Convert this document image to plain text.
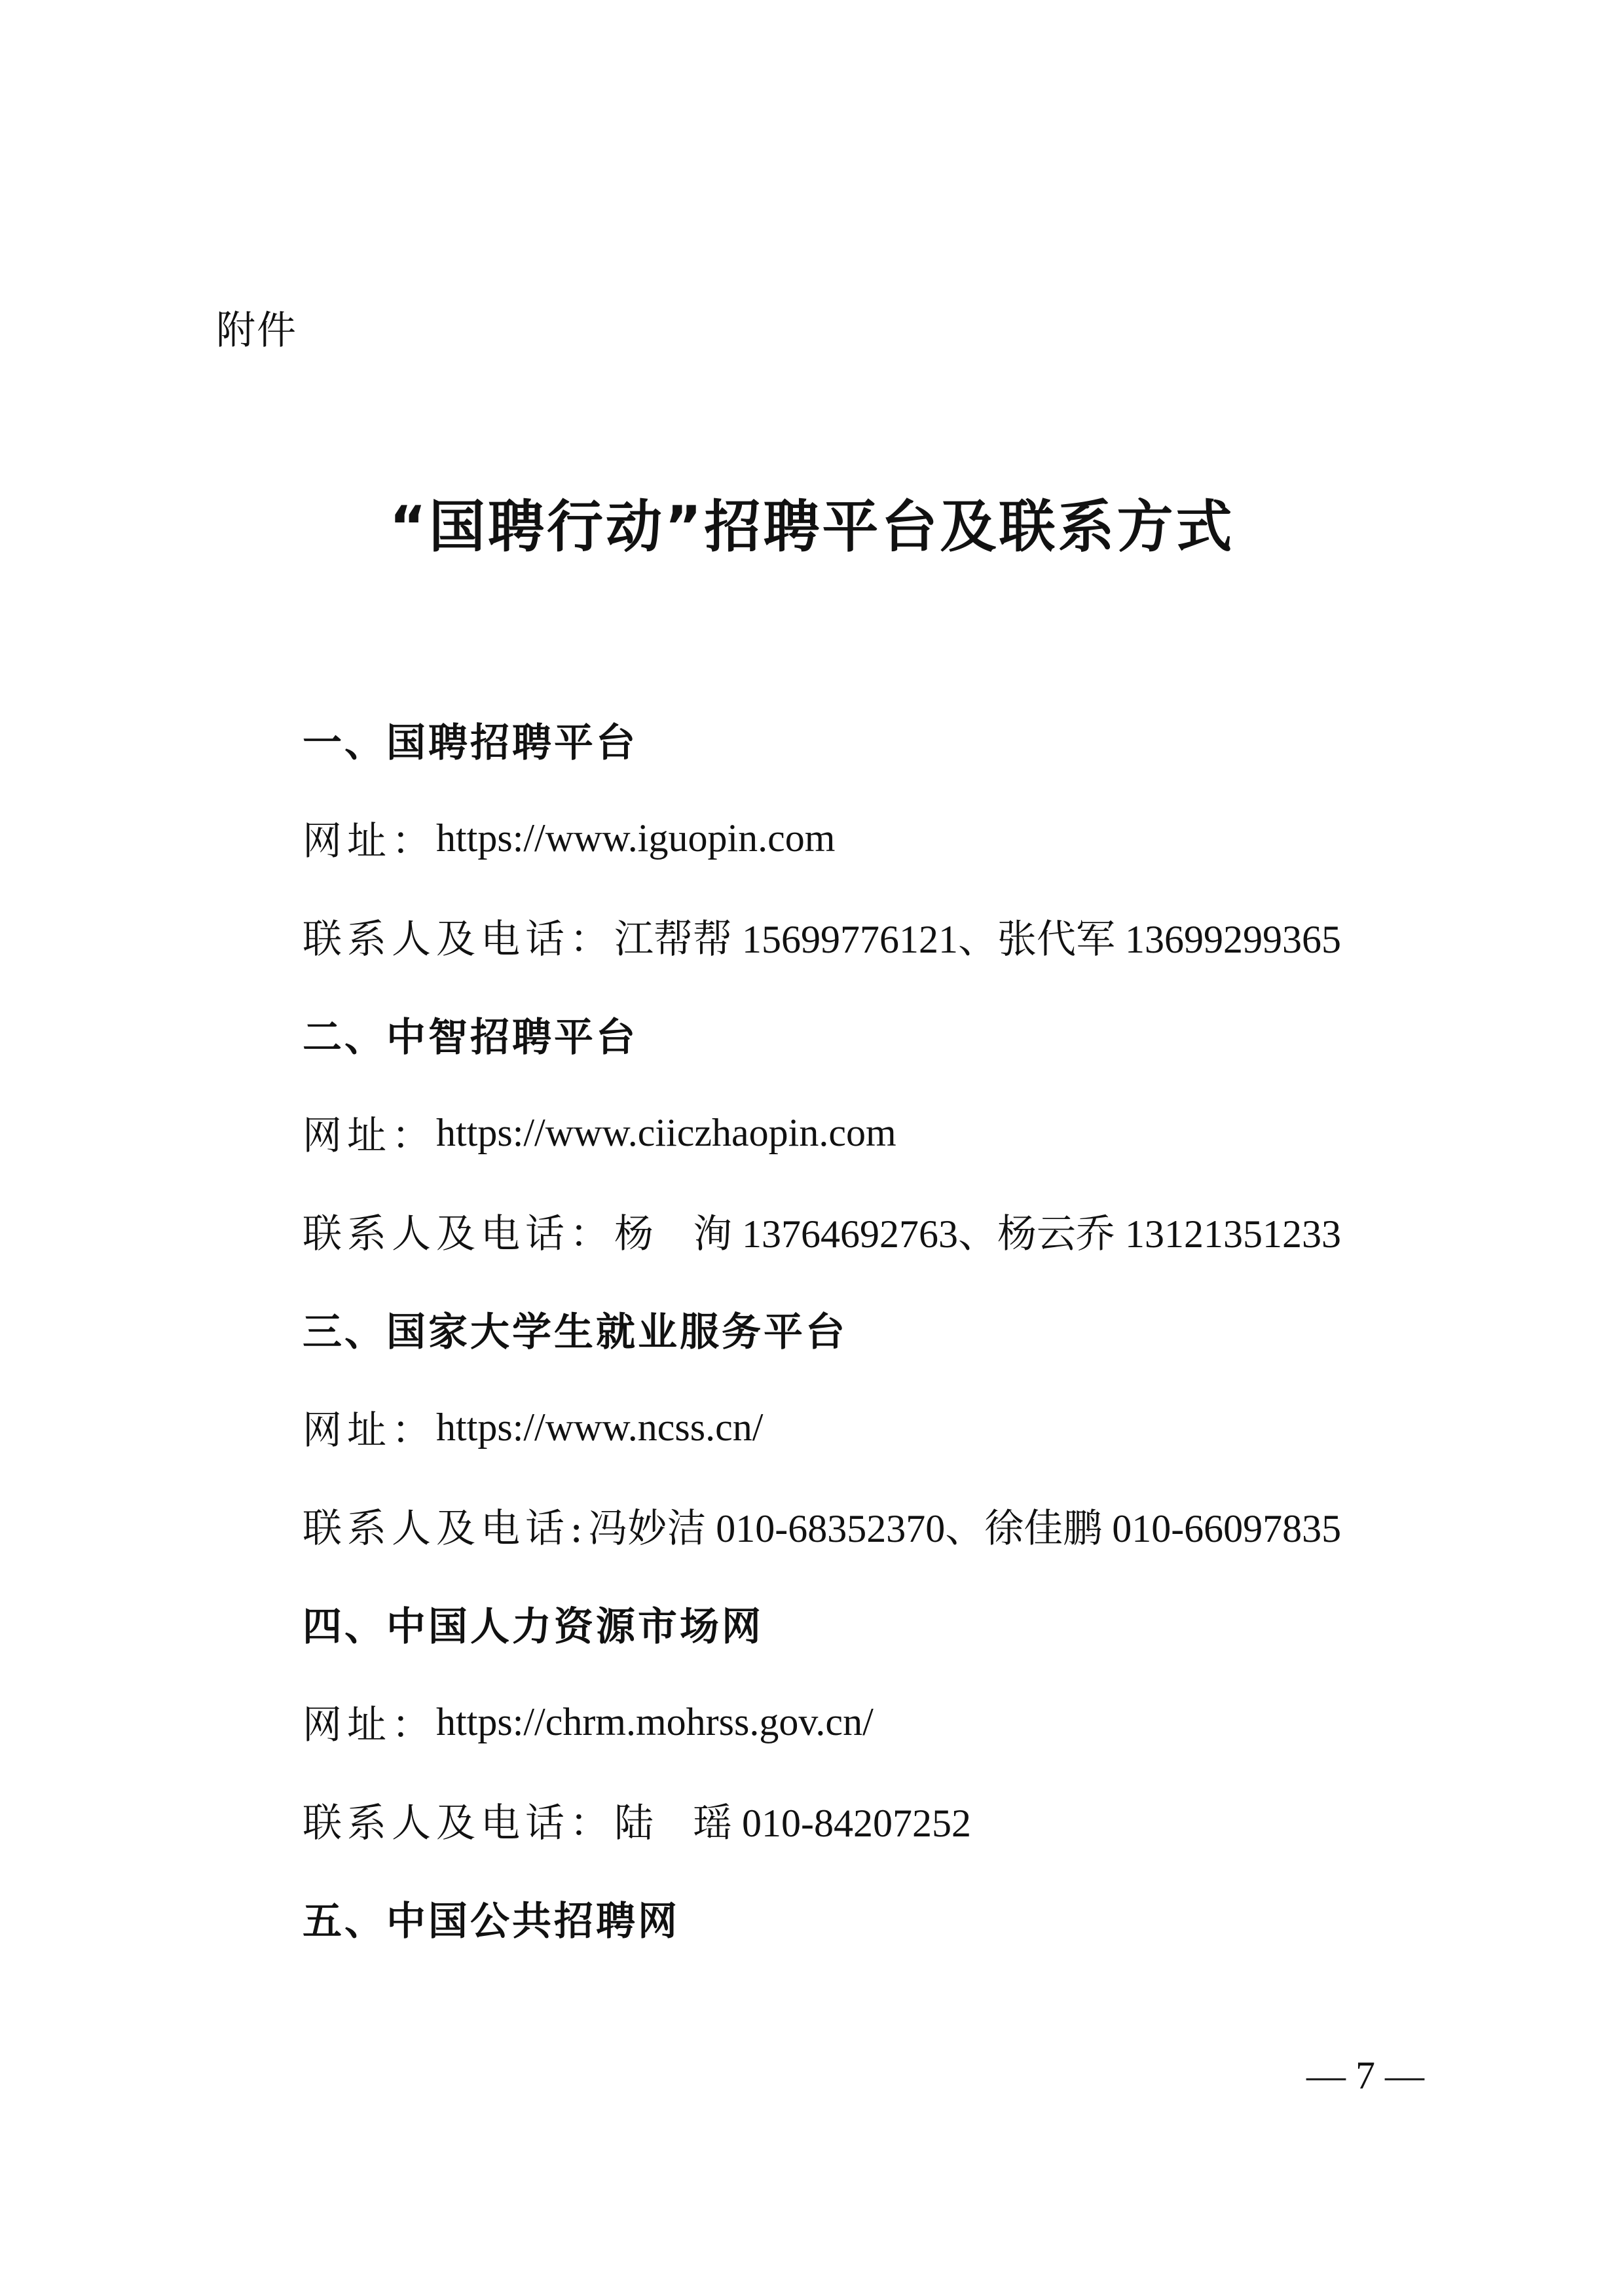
附件
“国聘行动”招聘平台及联系方式
一、国聘招聘平台
网址： https://www.iguopin.com
联系人及电话： 江帮帮 15699776121、张代军 13699299365
二、中智招聘平台
网址： https://www.ciiczhaopin.com
联系人及电话： 杨　洵 13764692763、杨云乔 13121351233
三、国家大学生就业服务平台
网址： https://www.ncss.cn/
联系人及电话: 冯妙洁 010-68352370、徐佳鹏 010-66097835
四、中国人力资源市场网
网址： https://chrm.mohrss.gov.cn/
联系人及电话： 陆　瑶 010-84207252
五、中国公共招聘网
— 7 —
